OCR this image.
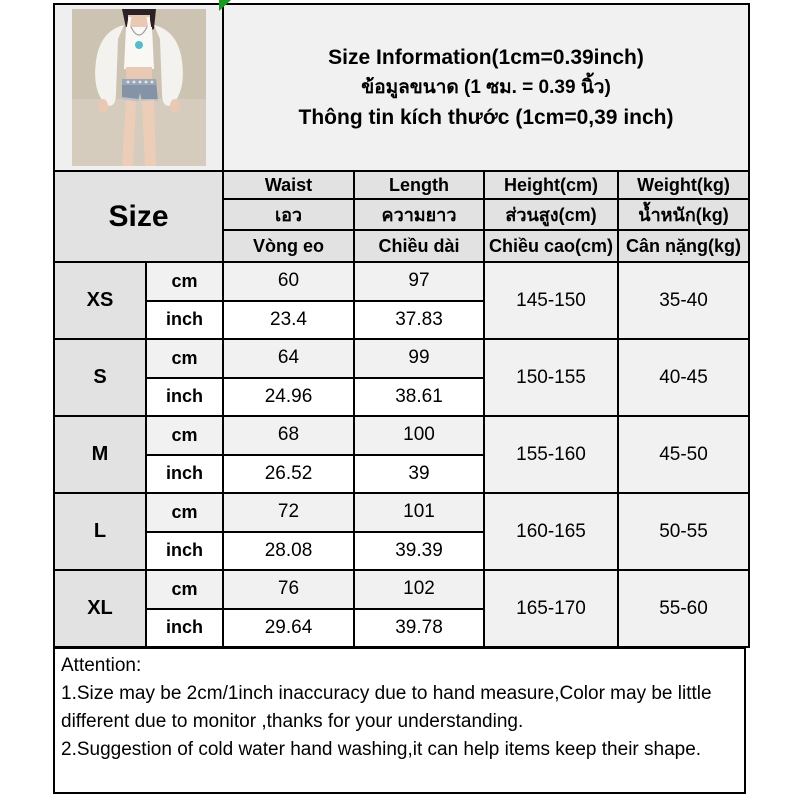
Size Information(1cm=0.39inch)
ข้อมูลขนาด (1 ซม. = 0.39 นิ้ว)
Thông tin kích thước (1cm=0,39 inch)			

Size		Waist	Length	Height(cm)	Weight(kg)
		เอว	ความยาว	ส่วนสูง(cm)	น้ำหนัก(kg)
		Vòng eo	Chiều dài	Chiều cao(cm)	Cân nặng(kg)
XS	cm	60	97	145-150	35-40
	inch	23.4	37.83		
S	cm	64	99	150-155	40-45
	inch	24.96	38.61		
M	cm	68	100	155-160	45-50
	inch	26.52	39		
L	cm	72	101	160-165	50-55
	inch	28.08	39.39		
XL	cm	76	102	165-170	55-60
	inch	29.64	39.78		

Attention:

1.Size may be 2cm/1inch inaccuracy due to hand measure,Color may be little different due to monitor ,thanks for your understanding.

2.Suggestion of cold water hand washing,it can help items keep their shape.
